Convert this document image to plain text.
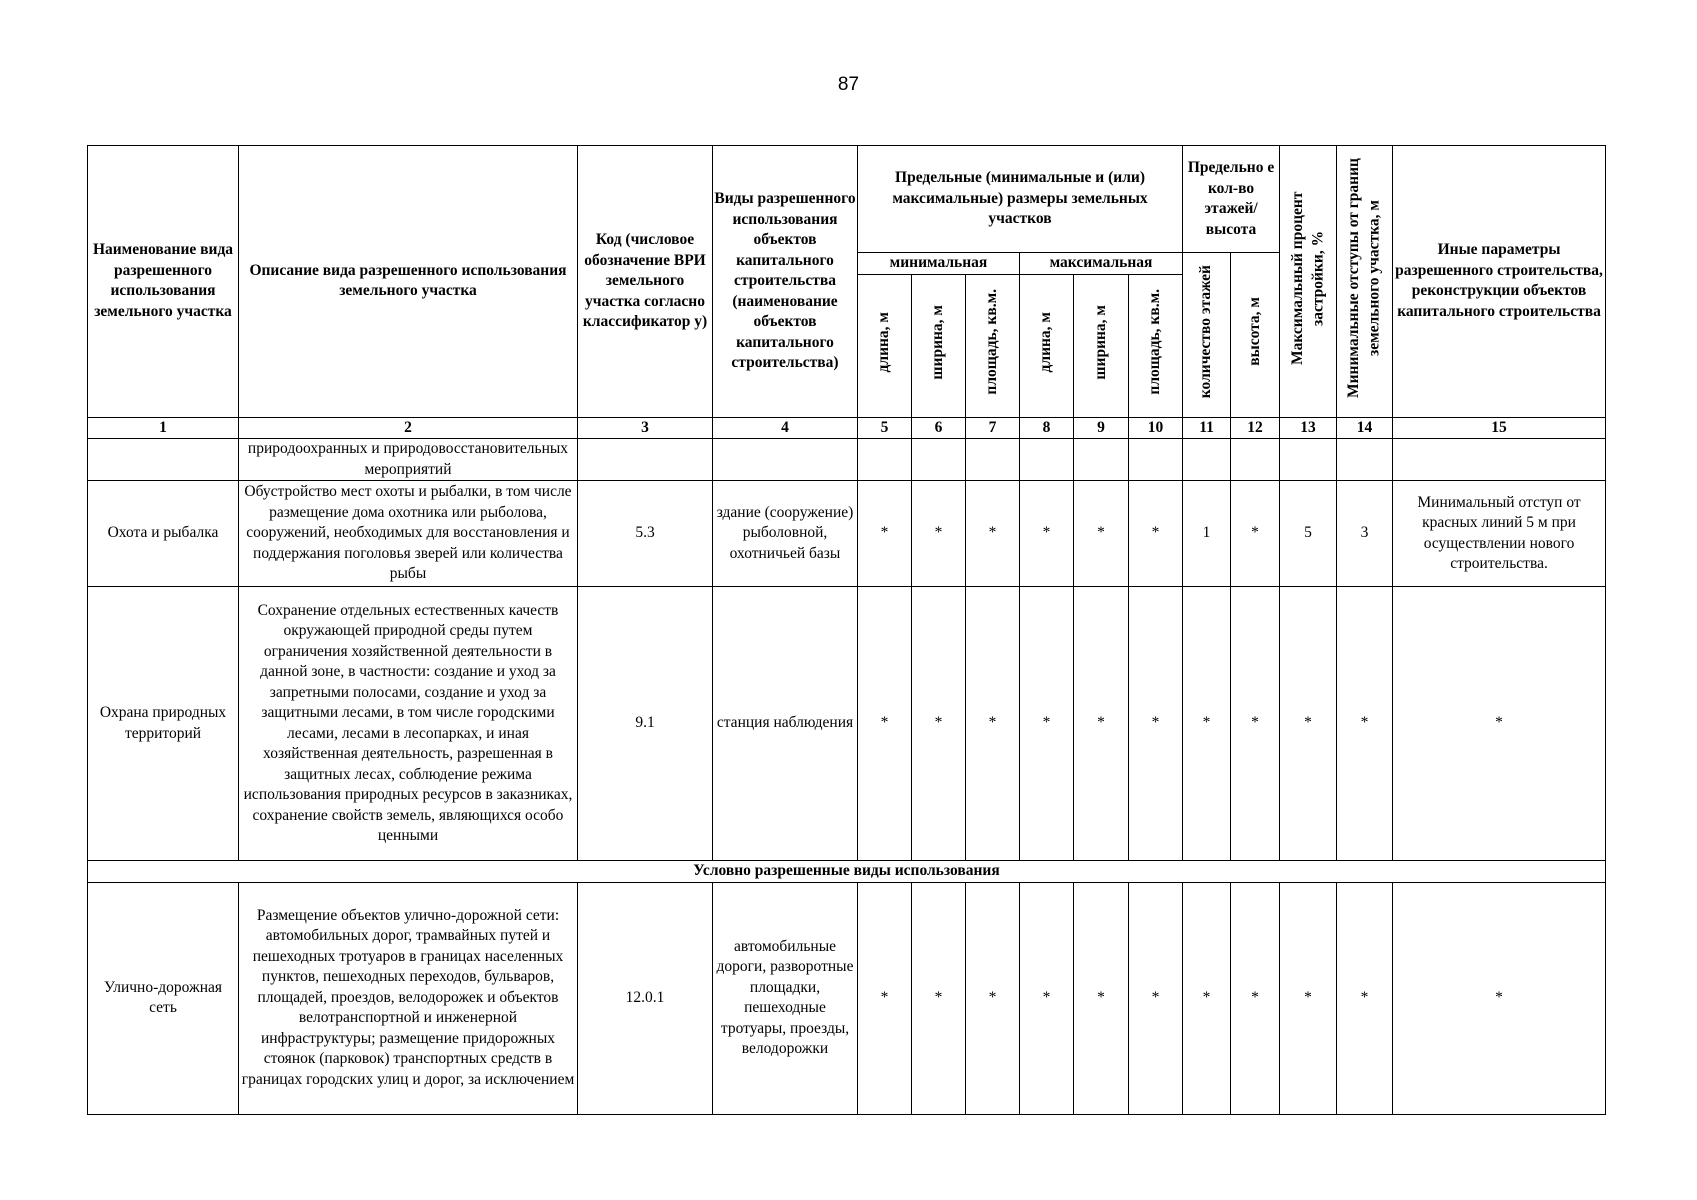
87
Наименование вида разрешенного использования земельного участка	Описание вида разрешенного использования земельного участка	Код (числовое обозначение ВРИ земельного участка согласно классификатор у)	Виды разрешенного использования объектов капитального строительства (наименование объектов капитального строительства)	Предельные (минимальные и (или) максимальные) размеры земельных участков						Предельно е кол-во этажей/ высота		Максимальный процент застройки, %	Минимальные отступы от границ земельного участка, м	Иные параметры разрешенного строительства, реконструкции объектов капитального строительства
				минимальная			максимальная			количество этажей	высота, м			
				длина, м	ширина, м	площадь, кв.м.	длина, м	ширина, м	площадь, кв.м.					
1	2	3	4	5	6	7	8	9	10	11	12	13	14	15
	природоохранных и природовосстановительных мероприятий													
Охота и рыбалка	Обустройство мест охоты и рыбалки, в том числе размещение дома охотника или рыболова, сооружений, необходимых для восстановления и поддержания поголовья зверей или количества рыбы	5.3	здание (сооружение) рыболовной, охотничьей базы	*	*	*	*	*	*	1	*	5	3	Минимальный отступ от красных линий 5 м при осуществлении нового строительства.
Охрана природных территорий	Сохранение отдельных естественных качеств окружающей природной среды путем ограничения хозяйственной деятельности в данной зоне, в частности: создание и уход за запретными полосами, создание и уход за защитными лесами, в том числе городскими лесами, лесами в лесопарках, и иная хозяйственная деятельность, разрешенная в защитных лесах, соблюдение режима использования природных ресурсов в заказниках, сохранение свойств земель, являющихся особо ценными	9.1	станция наблюдения	*	*	*	*	*	*	*	*	*	*	*
Условно разрешенные виды использования														
Улично-дорожная сеть	Размещение объектов улично-дорожной сети: автомобильных дорог, трамвайных путей и пешеходных тротуаров в границах населенных пунктов, пешеходных переходов, бульваров, площадей, проездов, велодорожек и объектов велотранспортной и инженерной инфраструктуры; размещение придорожных стоянок (парковок) транспортных средств в границах городских улиц и дорог, за исключением	12.0.1	автомобильные дороги, разворотные площадки, пешеходные тротуары, проезды, велодорожки	*	*	*	*	*	*	*	*	*	*	*
